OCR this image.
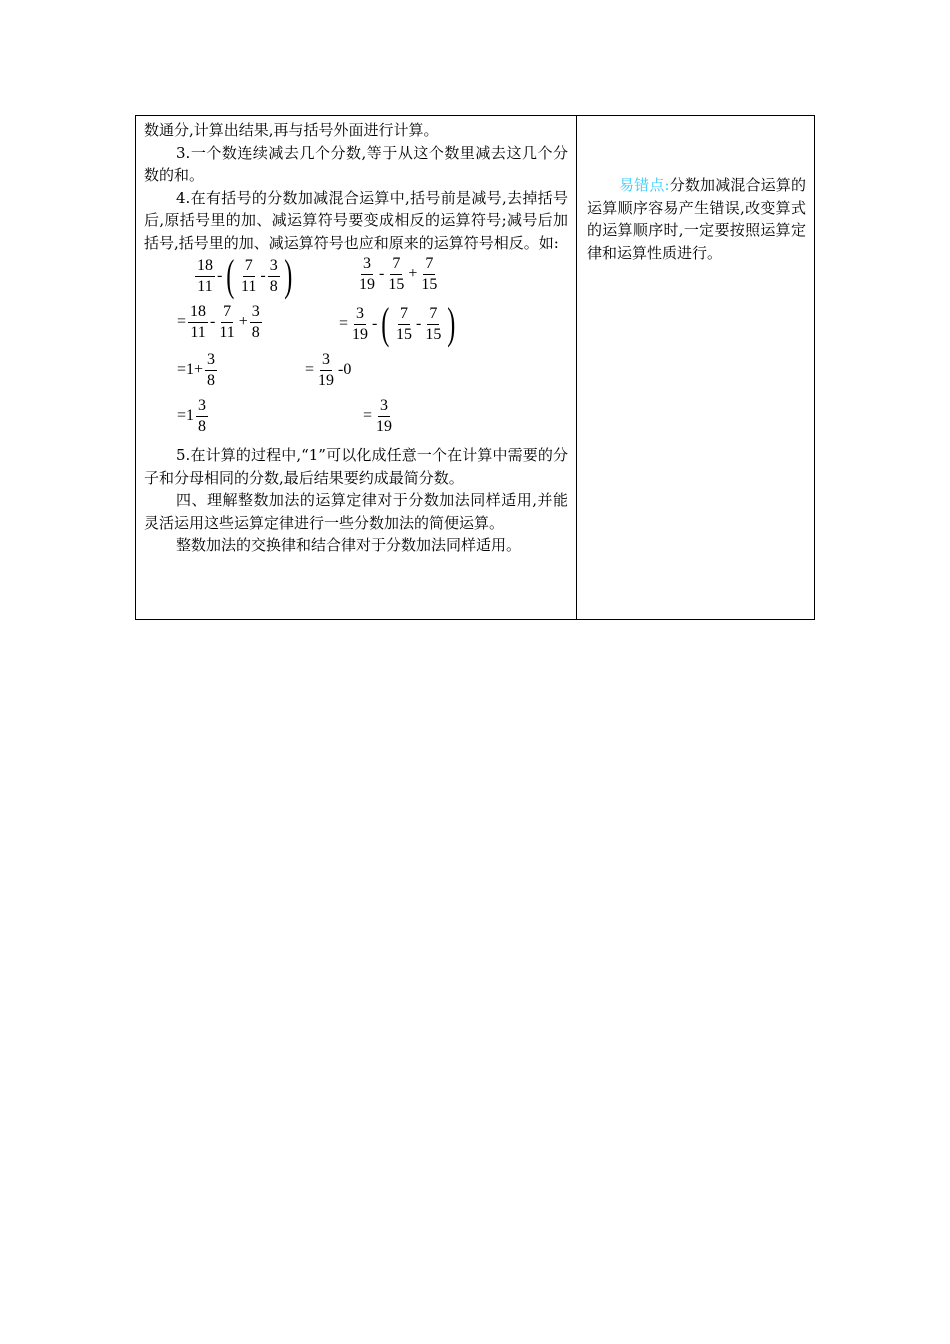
数通分,计算出结果,再与括号外面进行计算。

3.一个数连续减去几个分数,等于从这个数里减去这几个分数的和。

4.在有括号的分数加减混合运算中,括号前是减号,去掉括号后,原括号里的加、减运算符号要变成相反的运算符号;减号后加括号,括号里的加、减运算符号也应和原来的运算符号相反。如:

$\frac{18}{11}$ - ( $\frac{7}{11} - \frac{3}{8}$ )	$\frac{3}{19} - \frac{7}{15} + \frac{7}{15}$
= $\frac{18}{11} - \frac{7}{11} + \frac{3}{8}$	= $\frac{3}{19}$ - ( $\frac{7}{15} - \frac{7}{15}$ )
$=1+ \frac{3}{8}$	= $\frac{3}{19} -0$
$=1 \frac{3}{8}$	= $\frac{3}{19}$

5.在计算的过程中,“1”可以化成任意一个在计算中需要的分子和分母相同的分数,最后结果要约成最简分数。

四、理解整数加法的运算定律对于分数加法同样适用,并能灵活运用这些运算定律进行一些分数加法的简便运算。

整数加法的交换律和结合律对于分数加法同样适用。

易错点:分数加减混合运算的运算顺序容易产生错误,改变算式的运算顺序时,一定要按照运算定律和运算性质进行。
